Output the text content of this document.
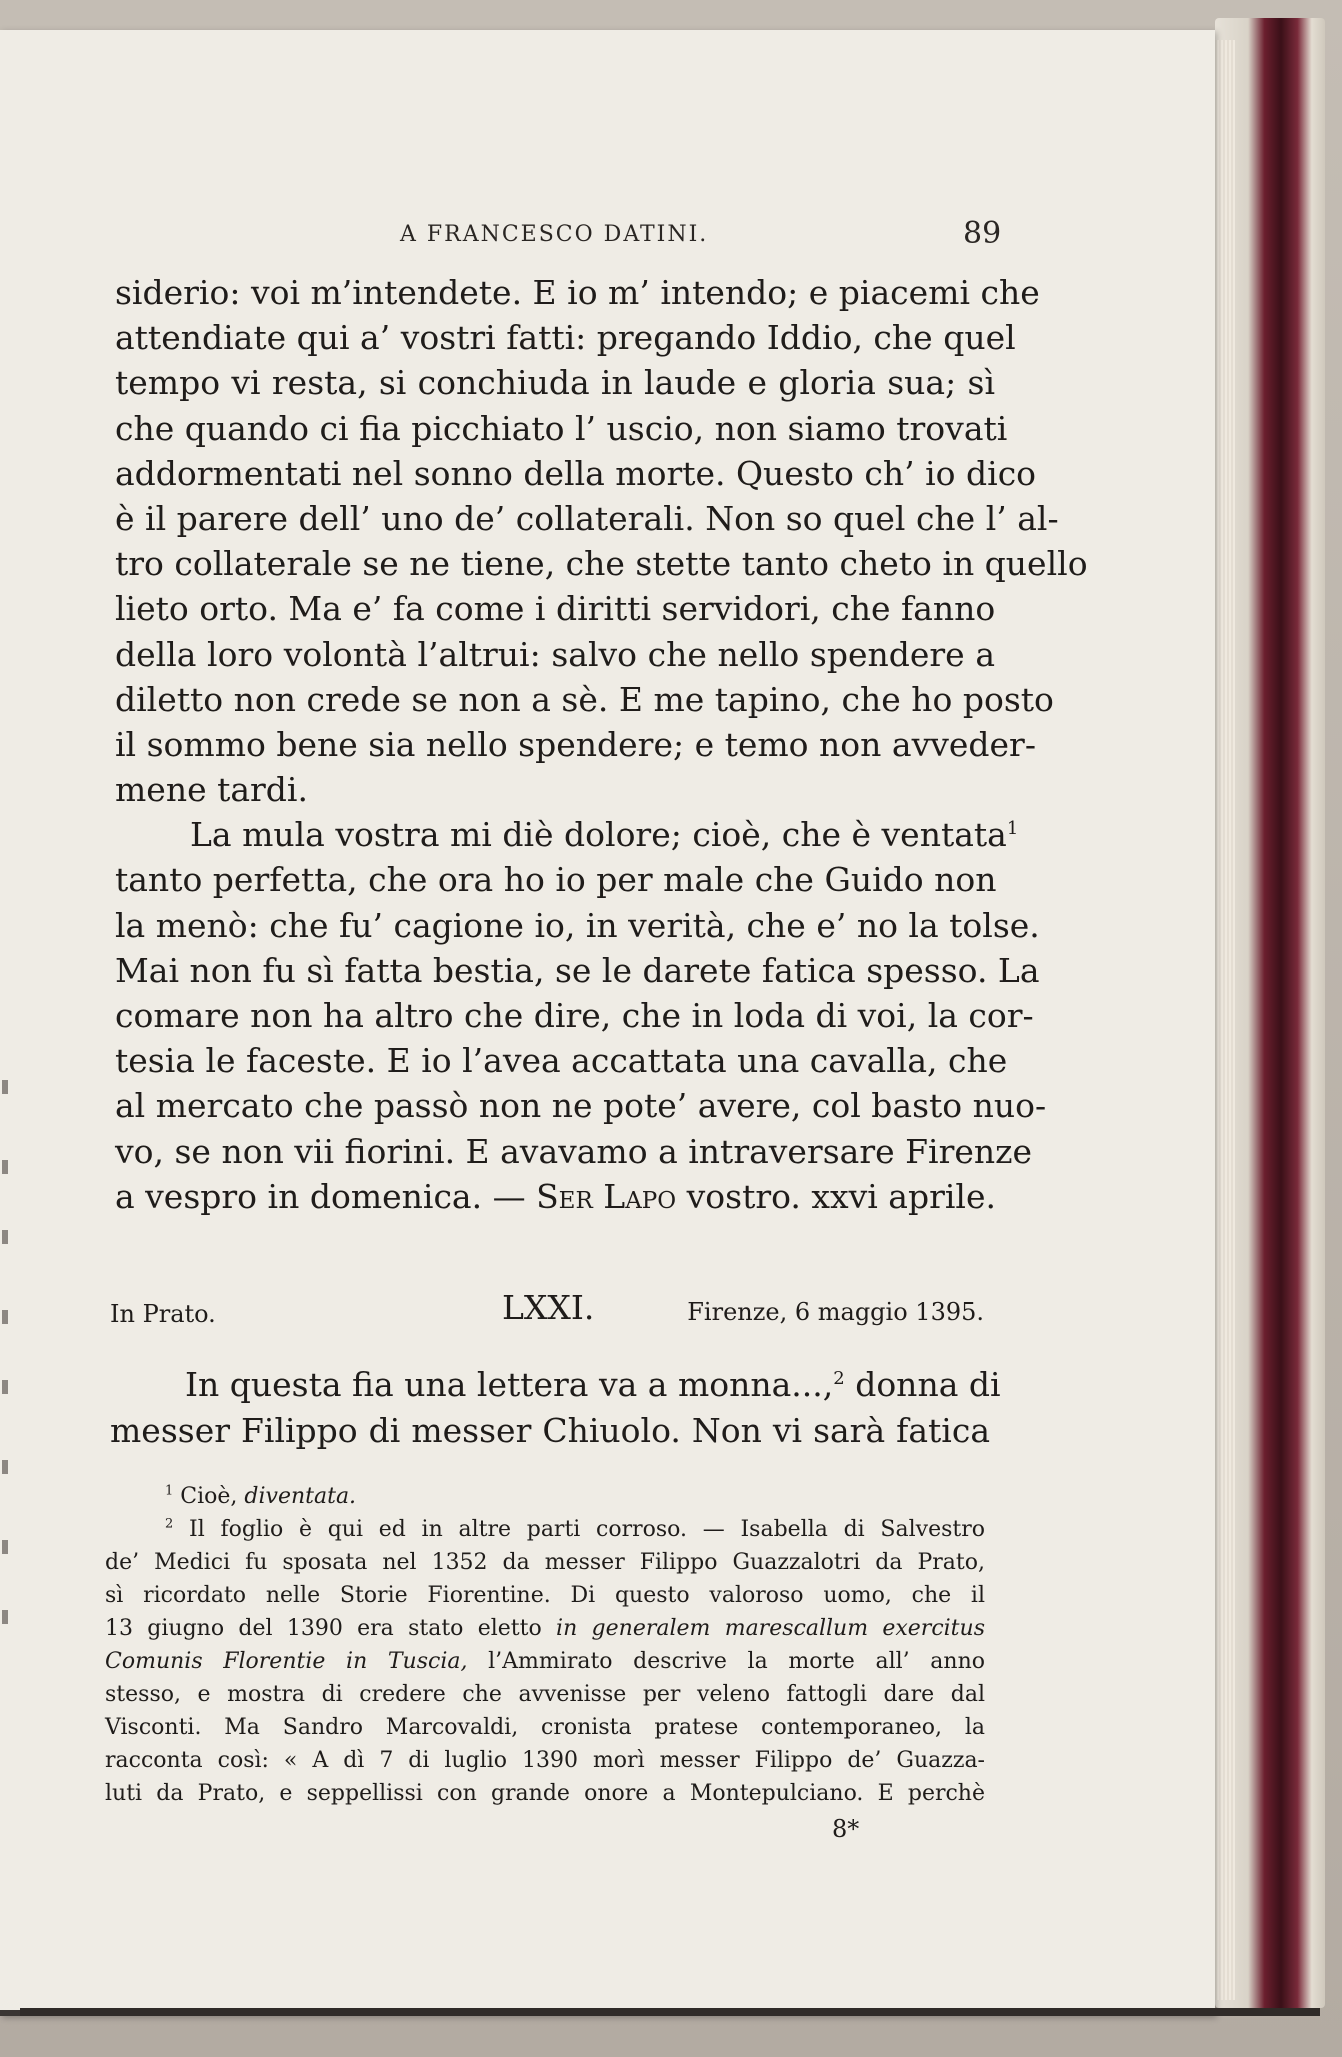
A FRANCESCO DATINI.	89
siderio: voi m’intendete. E io m’ intendo; e piacemi che
attendiate qui a’ vostri fatti: pregando Iddio, che quel
tempo vi resta, si conchiuda in laude e gloria sua; sì
che quando ci fia picchiato l’ uscio, non siamo trovati
addormentati nel sonno della morte. Questo ch’ io dico
è il parere dell’ uno de’ collaterali. Non so quel che l’ al-
tro collaterale se ne tiene, che stette tanto cheto in quello
lieto orto. Ma e’ fa come i diritti servidori, che fanno
della loro volontà l’altrui: salvo che nello spendere a
diletto non crede se non a sè. E me tapino, che ho posto
il sommo bene sia nello spendere; e temo non avveder-
mene tardi.
La mula vostra mi diè dolore; cioè, che è ventata$^1$
tanto perfetta, che ora ho io per male che Guido non
la menò: che fu’ cagione io, in verità, che e’ no la tolse.
Mai non fu sì fatta bestia, se le darete fatica spesso. La
comare non ha altro che dire, che in loda di voi, la cor-
tesia le faceste. E io l’avea accattata una cavalla, che
al mercato che passò non ne pote’ avere, col basto nuo-
vo, se non vii fiorini. E avavamo a intraversare Firenze
a vespro in domenica. — Ser Lapo vostro. xxvi aprile.
In Prato.	LXXI.	Firenze, 6 maggio 1395.
In questa fia una lettera va a monna...,$^2$ donna di
messer Filippo di messer Chiuolo. Non vi sarà fatica
$^1$ Cioè, diventata.
$^2$ Il foglio è qui ed in altre parti corroso. — Isabella di Salvestro
de’ Medici fu sposata nel 1352 da messer Filippo Guazzalotri da Prato,
sì ricordato nelle Storie Fiorentine. Di questo valoroso uomo, che il
13 giugno del 1390 era stato eletto in generalem marescallum exercitus
Comunis Florentie in Tuscia, l’Ammirato descrive la morte all’ anno
stesso, e mostra di credere che avvenisse per veleno fattogli dare dal
Visconti. Ma Sandro Marcovaldi, cronista pratese contemporaneo, la
racconta così: « A dì 7 di luglio 1390 morì messer Filippo de’ Guazza-
luti da Prato, e seppellissi con grande onore a Montepulciano. E perchè
8*
